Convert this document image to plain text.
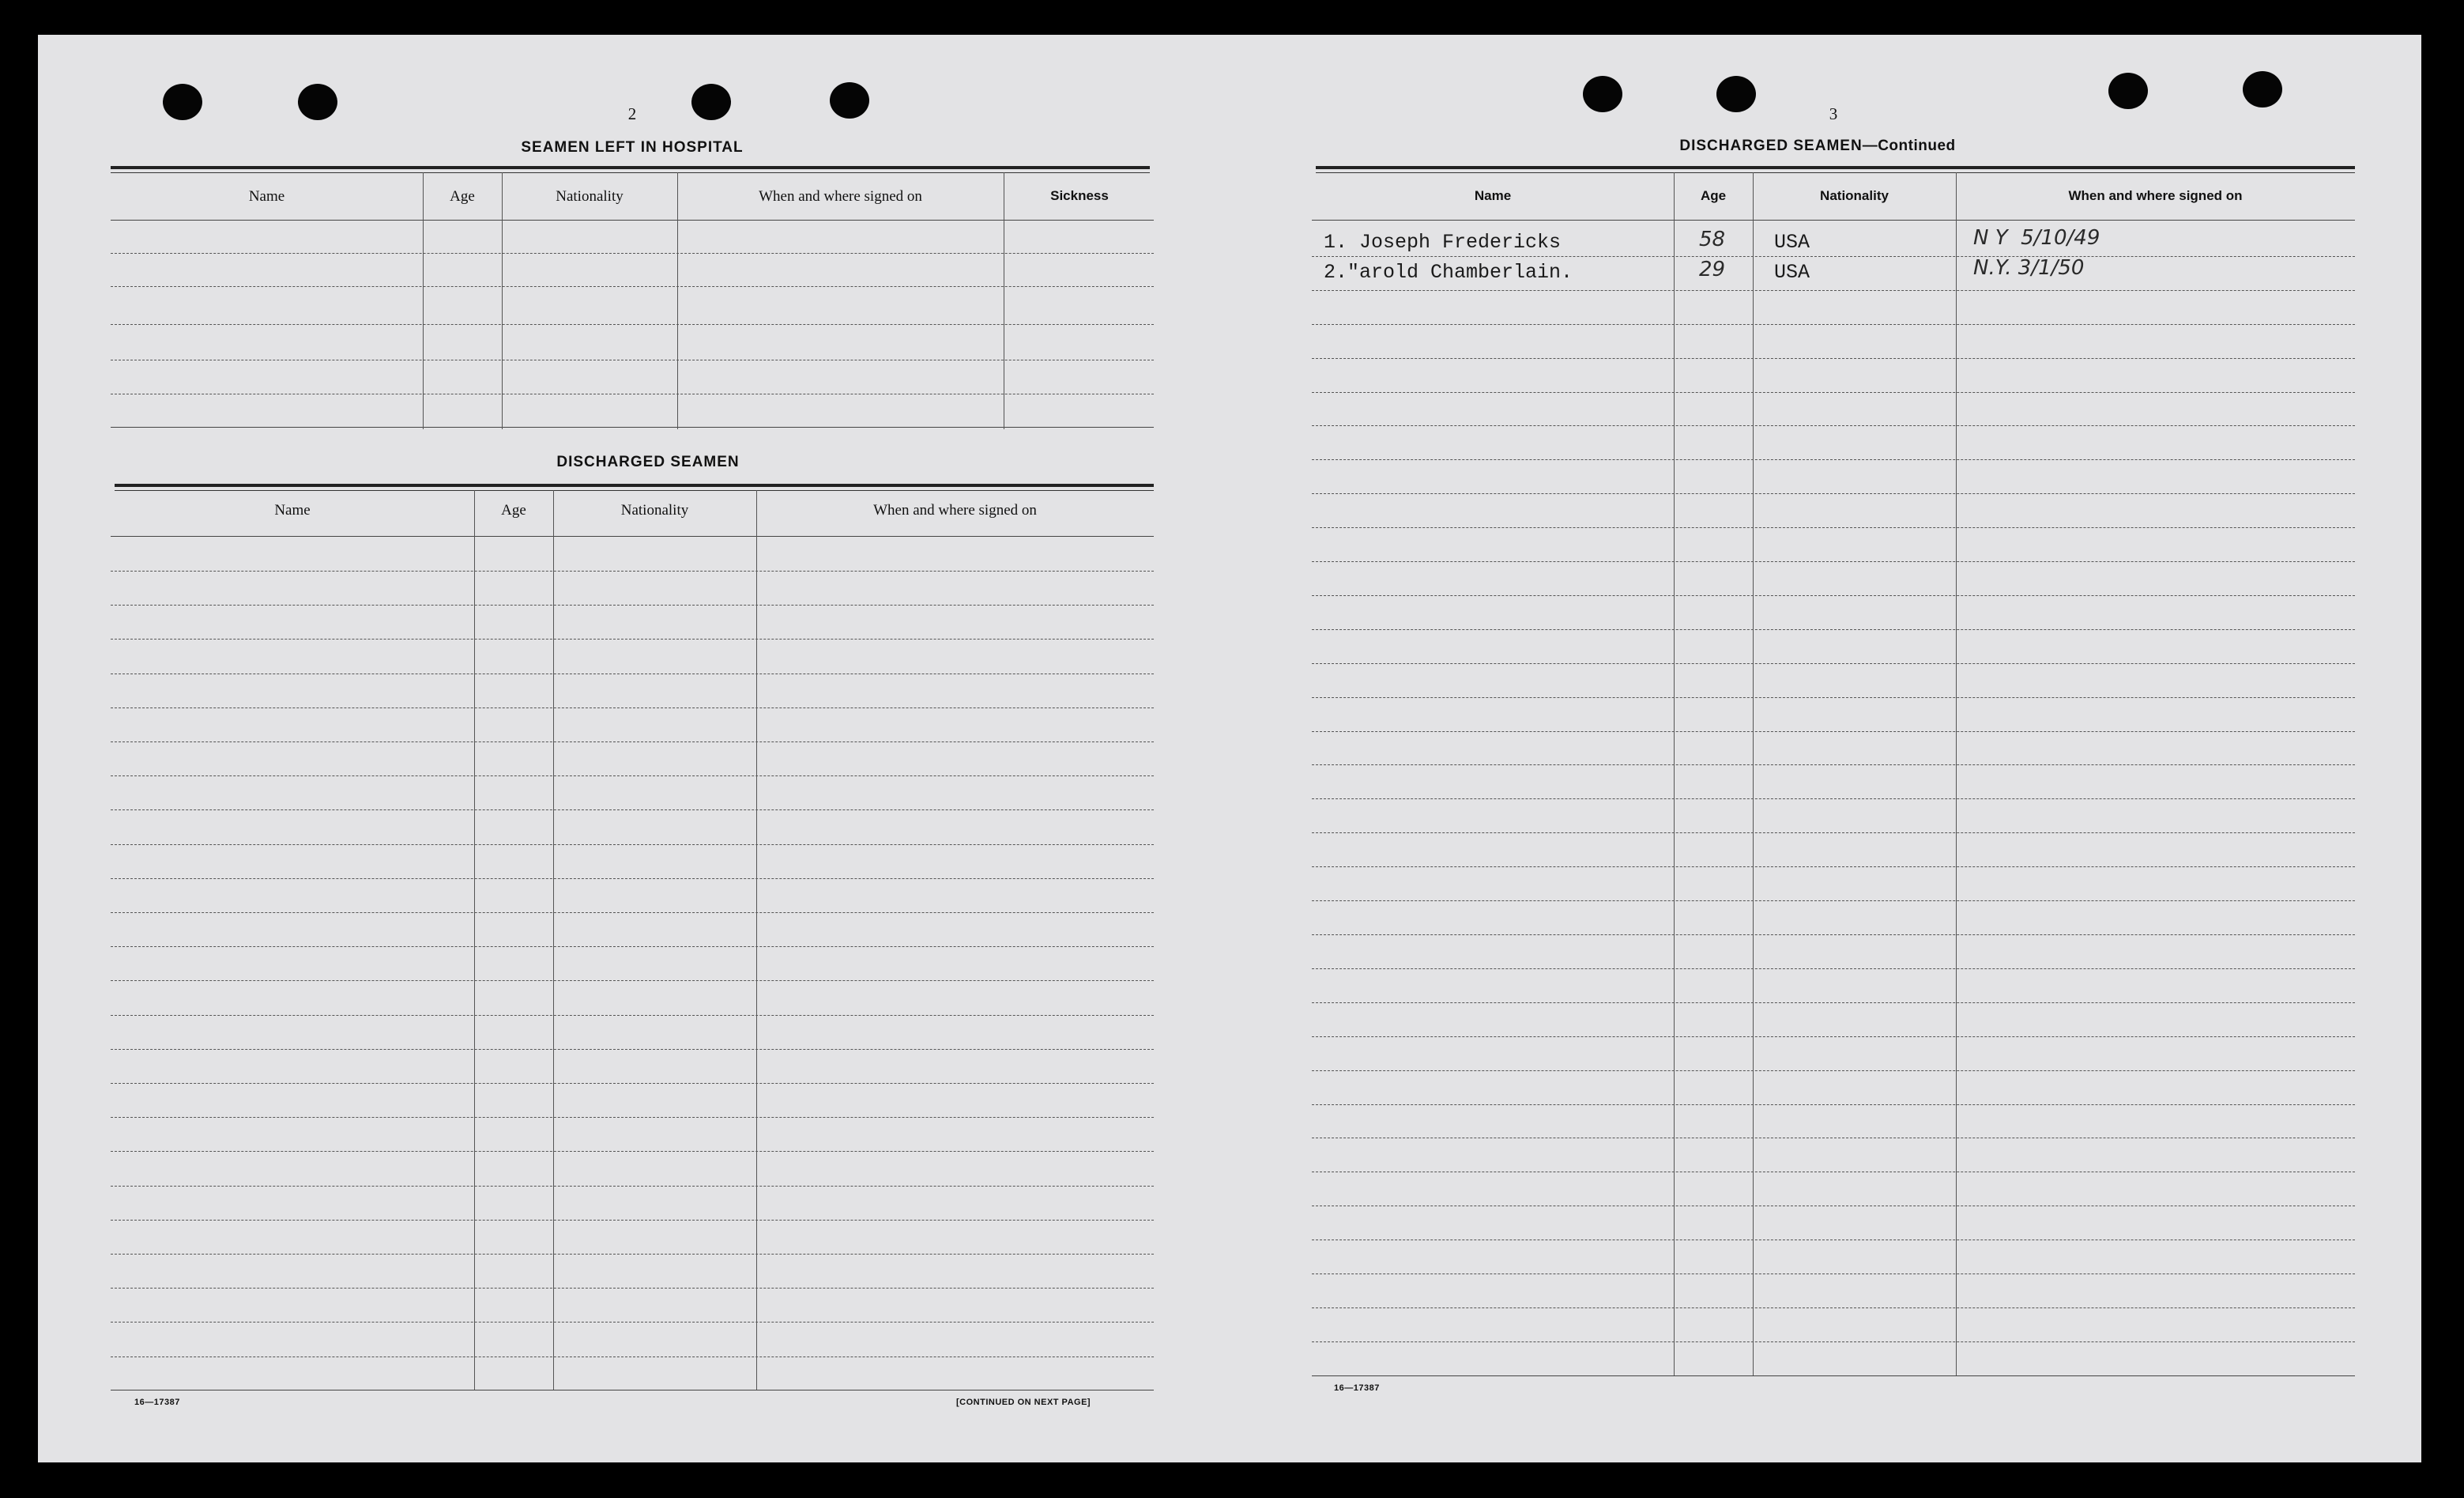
2
SEAMEN LEFT IN HOSPITAL
Name	Age	Nationality	When and where signed on	Sickness
DISCHARGED SEAMEN
Name	Age	Nationality	When and where signed on
16—17387	[CONTINUED ON NEXT PAGE]
3
DISCHARGED SEAMEN—Continued
Name	Age	Nationality	When and where signed on
1. Joseph Fredericks	58 USA	N Y  5/10/49
2."arold Chamberlain.	29 USA	N.Y. 3/1/50
16—17387
